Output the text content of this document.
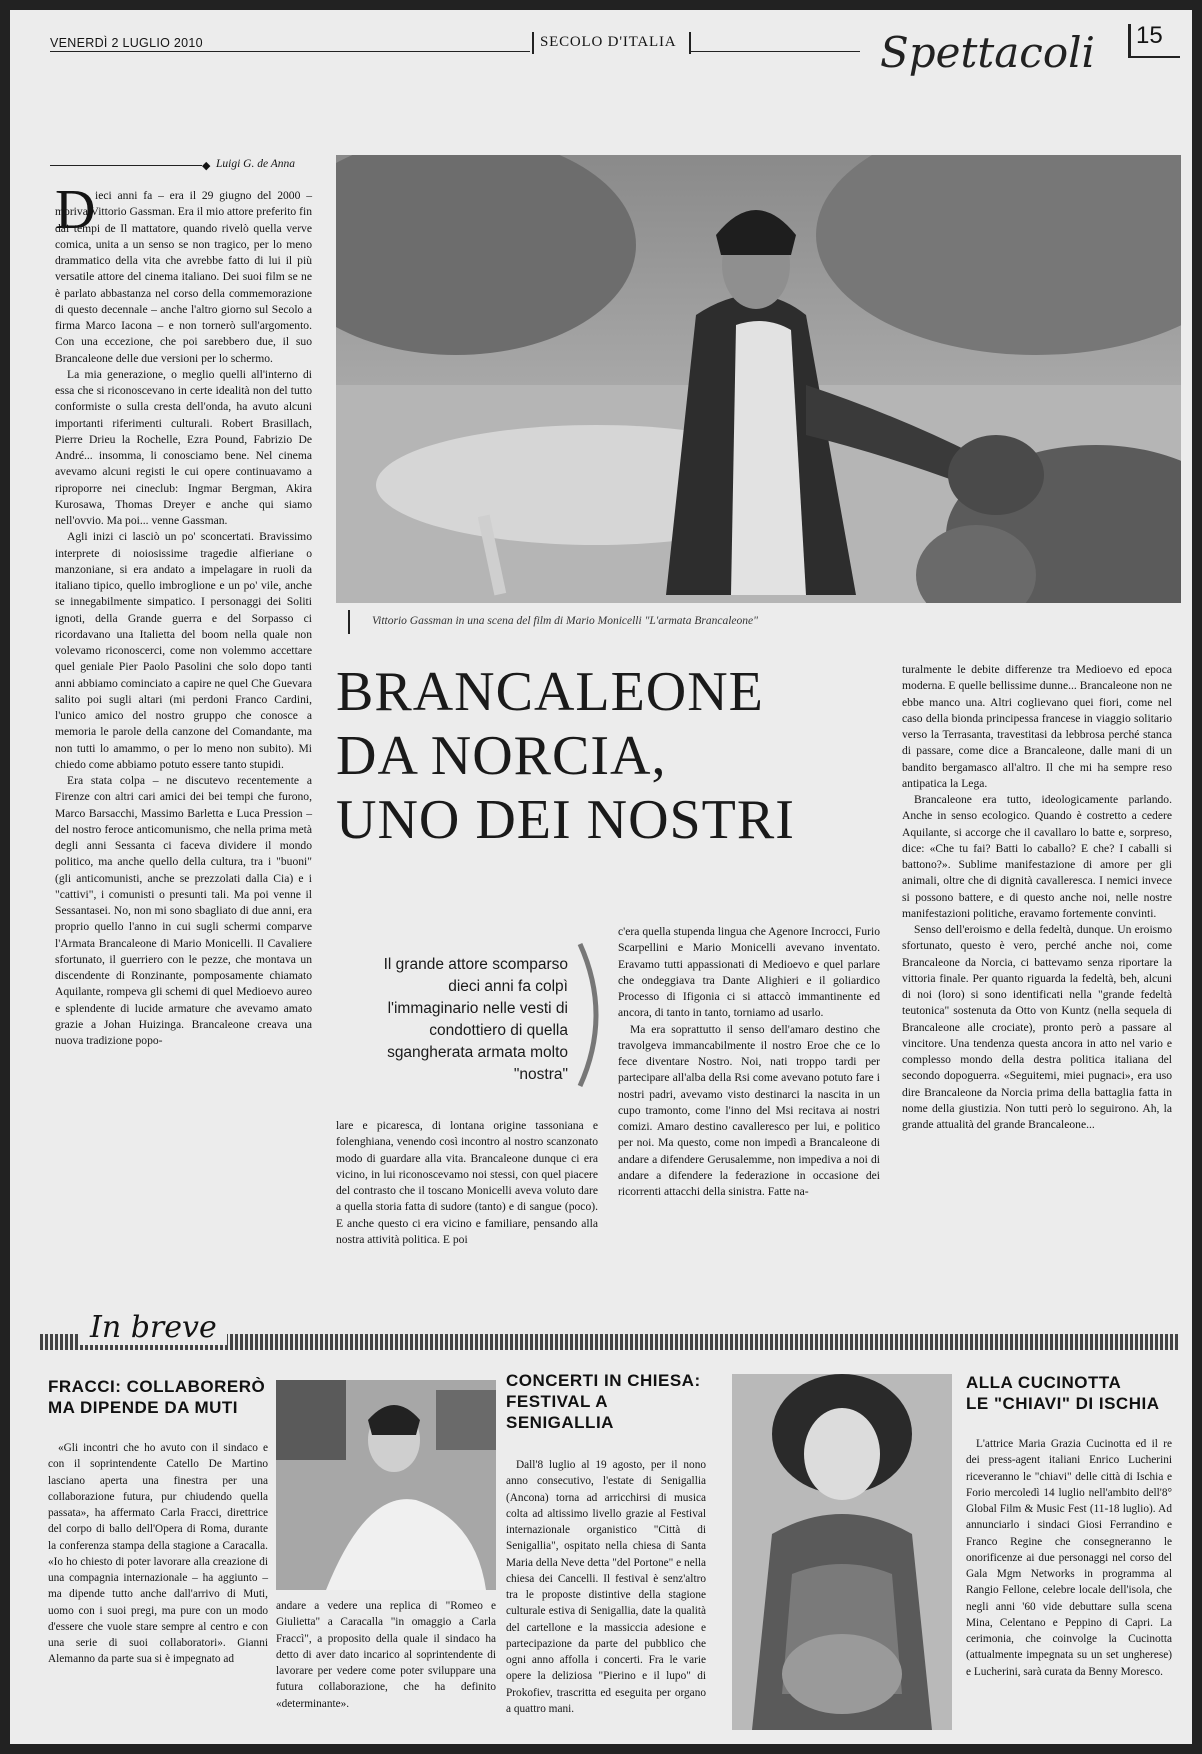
VENERDÌ 2 LUGLIO 2010	SECOLO D'ITALIA	Spettacoli 15
◆ Luigi G. de Anna
D ieci anni fa – era il 29 giugno del 2000 – moriva Vittorio Gassman. Era il mio attore preferito fin dai tempi de Il mattatore, quando rivelò quella verve comica, unita a un senso se non tragico, per lo meno drammatico della vita che avrebbe fatto di lui il più versatile attore del cinema italiano. Dei suoi film se ne è parlato abbastanza nel corso della commemorazione di questo decennale – anche l'altro giorno sul Secolo a firma Marco Iacona – e non tornerò sull'argomento. Con una eccezione, che poi sarebbero due, il suo Brancaleone delle due versioni per lo schermo.

La mia generazione, o meglio quelli all'interno di essa che si riconoscevano in certe idealità non del tutto conformiste o sulla cresta dell'onda, ha avuto alcuni importanti riferimenti culturali. Robert Brasillach, Pierre Drieu la Rochelle, Ezra Pound, Fabrizio De André... insomma, li conosciamo bene. Nel cinema avevamo alcuni registi le cui opere continuavamo a riproporre nei cineclub: Ingmar Bergman, Akira Kurosawa, Thomas Dreyer e anche qui siamo nell'ovvio. Ma poi... venne Gassman.

Agli inizi ci lasciò un po' sconcertati. Bravissimo interprete di noiosissime tragedie alfieriane o manzoniane, si era andato a impelagare in ruoli da italiano tipico, quello imbroglione e un po' vile, anche se innegabilmente simpatico. I personaggi dei Soliti ignoti, della Grande guerra e del Sorpasso ci ricordavano una Italietta del boom nella quale non volevamo riconoscerci, come non volemmo accettare quel geniale Pier Paolo Pasolini che solo dopo tanti anni abbiamo cominciato a capire ne quel Che Guevara salito poi sugli altari (mi perdoni Franco Cardini, l'unico amico del nostro gruppo che conosce a memoria le parole della canzone del Comandante, ma non tutti lo amammo, o per lo meno non subito). Mi chiedo come abbiamo potuto essere tanto stupidi.

Era stata colpa – ne discutevo recentemente a Firenze con altri cari amici dei bei tempi che furono, Marco Barsacchi, Massimo Barletta e Luca Pression – del nostro feroce anticomunismo, che nella prima metà degli anni Sessanta ci faceva dividere il mondo politico, ma anche quello della cultura, tra i "buoni" (gli anticomunisti, anche se prezzolati dalla Cia) e i "cattivi", i comunisti o presunti tali. Ma poi venne il Sessantasei. No, non mi sono sbagliato di due anni, era proprio quello l'anno in cui sugli schermi comparve l'Armata Brancaleone di Mario Monicelli. Il Cavaliere sfortunato, il guerriero con le pezze, che montava un discendente di Ronzinante, pomposamente chiamato Aquilante, rompeva gli schemi di quel Medioevo aureo e splendente di lucide armature che avevamo amato grazie a Johan Huizinga. Brancaleone creava una nuova tradizione popo-

Vittorio Gassman in una scena del film di Mario Monicelli "L'armata Brancaleone"
BRANCALEONE
DA NORCIA,
UNO DEI NOSTRI

Il grande attore scomparso dieci anni fa colpì l'immaginario nelle vesti di condottiero di quella sgangherata armata molto "nostra"

lare e picaresca, di lontana origine tassoniana e folenghiana, venendo così incontro al nostro scanzonato modo di guardare alla vita. Brancaleone dunque ci era vicino, in lui riconoscevamo noi stessi, con quel piacere del contrasto che il toscano Monicelli aveva voluto dare a quella storia fatta di sudore (tanto) e di sangue (poco). E anche questo ci era vicino e familiare, pensando alla nostra attività politica. E poi

c'era quella stupenda lingua che Agenore Incrocci, Furio Scarpellini e Mario Monicelli avevano inventato. Eravamo tutti appassionati di Medioevo e quel parlare che ondeggiava tra Dante Alighieri e il goliardico Processo di Ifigonia ci si attaccò immantinente ed ancora, di tanto in tanto, torniamo ad usarlo.

Ma era soprattutto il senso dell'amaro destino che travolgeva immancabilmente il nostro Eroe che ce lo fece diventare Nostro. Noi, nati troppo tardi per partecipare all'alba della Rsi come avevano potuto fare i nostri padri, avevamo visto destinarci la nascita in un cupo tramonto, come l'inno del Msi recitava ai nostri comizi. Amaro destino cavalleresco per lui, e politico per noi. Ma questo, come non impedì a Brancaleone di andare a difendere Gerusalemme, non impediva a noi di andare a difendere la federazione in occasione dei ricorrenti attacchi della sinistra. Fatte na-

turalmente le debite differenze tra Medioevo ed epoca moderna. E quelle bellissime dunne... Brancaleone non ne ebbe manco una. Altri coglievano quei fiori, come nel caso della bionda principessa francese in viaggio solitario verso la Terrasanta, travestitasi da lebbrosa perché stanca di passare, come dice a Brancaleone, dalle mani di un bandito bergamasco all'altro. Il che mi ha sempre reso antipatica la Lega.

Brancaleone era tutto, ideologicamente parlando. Anche in senso ecologico. Quando è costretto a cedere Aquilante, si accorge che il cavallaro lo batte e, sorpreso, dice: «Che tu fai? Batti lo caballo? E che? I caballi si battono?». Sublime manifestazione di amore per gli animali, oltre che di dignità cavalleresca. I nemici invece si possono battere, e di questo anche noi, nelle nostre manifestazioni politiche, eravamo fortemente convinti.

Senso dell'eroismo e della fedeltà, dunque. Un eroismo sfortunato, questo è vero, perché anche noi, come Brancaleone da Norcia, ci battevamo senza riportare la vittoria finale. Per quanto riguarda la fedeltà, beh, alcuni di noi (loro) si sono identificati nella "grande fedeltà teutonica" sostenuta da Otto von Kuntz (nella sequela di Brancaleone alle crociate), pronto però a passare al vincitore. Una tendenza questa ancora in atto nel vario e complesso mondo della destra politica italiana del secondo dopoguerra. «Seguitemi, miei pugnaci», era uso dire Brancaleone da Norcia prima della battaglia fatta in nome della giustizia. Non tutti però lo seguirono. Ah, la grande attualità del grande Brancaleone...

In breve

FRACCI: COLLABORERÒ

MA DIPENDE DA MUTI

«Gli incontri che ho avuto con il sindaco e con il soprintendente Catello De Martino lasciano aperta una finestra per una collaborazione futura, pur chiudendo quella passata», ha affermato Carla Fracci, direttrice del corpo di ballo dell'Opera di Roma, durante la conferenza stampa della stagione a Caracalla. «Io ho chiesto di poter lavorare alla creazione di una compagnia internazionale – ha aggiunto – ma dipende tutto anche dall'arrivo di Muti, uomo con i suoi pregi, ma pure con un modo d'essere che vuole stare sempre al centro e con una serie di suoi collaboratori». Gianni Alemanno da parte sua si è impegnato ad

andare a vedere una replica di "Romeo e Giulietta" a Caracalla "in omaggio a Carla Fraccì", a proposito della quale il sindaco ha detto di aver dato incarico al soprintendente di lavorare per vedere come poter sviluppare una futura collaborazione, che ha definito «determinante».

CONCERTI IN CHIESA:

FESTIVAL A SENIGALLIA

Dall'8 luglio al 19 agosto, per il nono anno consecutivo, l'estate di Senigallia (Ancona) torna ad arricchirsi di musica colta ad altissimo livello grazie al Festival internazionale organistico "Città di Senigallia", ospitato nella chiesa di Santa Maria della Neve detta "del Portone" e nella chiesa dei Cancelli. Il festival è senz'altro tra le proposte distintive della stagione culturale estiva di Senigallia, date la qualità del cartellone e la massiccia adesione e partecipazione da parte del pubblico che ogni anno affolla i concerti. Fra le varie opere la deliziosa "Pierino e il lupo" di Prokofiev, trascritta ed eseguita per organo a quattro mani.

ALLA CUCINOTTA

LE "CHIAVI" DI ISCHIA

L'attrice Maria Grazia Cucinotta ed il re dei press-agent italiani Enrico Lucherini riceveranno le "chiavi" delle città di Ischia e Forio mercoledì 14 luglio nell'ambito dell'8° Global Film & Music Fest (11-18 luglio). Ad annunciarlo i sindaci Giosi Ferrandino e Franco Regine che consegneranno le onorificenze ai due personaggi nel corso del Gala Mgm Networks in programma al Rangio Fellone, celebre locale dell'isola, che negli anni '60 vide debuttare sulla scena Mina, Celentano e Peppino di Capri. La cerimonia, che coinvolge la Cucinotta (attualmente impegnata su un set ungherese) e Lucherini, sarà curata da Benny Moresco.
